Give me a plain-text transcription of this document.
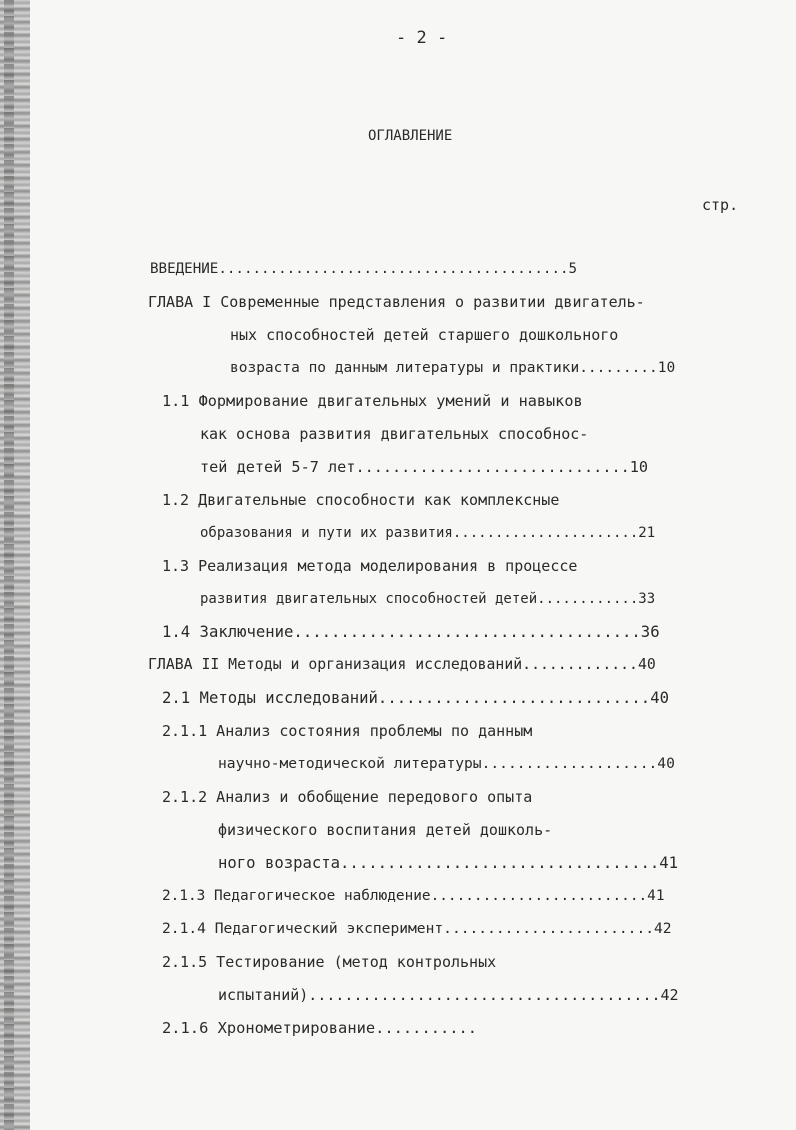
- 2 -
ОГЛАВЛЕНИЕ
стр.
ВВЕДЕНИЕ.........................................5
ГЛАВА I Современные представления о развитии двигатель-
ных способностей детей старшего дошкольного
возраста по данным литературы и практики.........10
1.1 Формирование двигательных умений и навыков
как основа развития двигательных способнос-
тей детей 5-7 лет..............................10
1.2 Двигательные способности как комплексные
образования и пути их развития......................21
1.3 Реализация метода моделирования в процессе
развития двигательных способностей детей............33
1.4 Заключение.....................................36
ГЛАВА II Методы и организация исследований.............40
2.1 Методы исследований.............................40
2.1.1 Анализ состояния проблемы по данным
научно-методической литературы....................40
2.1.2 Анализ и обобщение передового опыта
физического воспитания детей дошколь-
ного возраста..................................41
2.1.3 Педагогическое наблюдение.........................41
2.1.4 Педагогический эксперимент........................42
2.1.5 Тестирование (метод контрольных
испытаний).......................................42
2.1.6 Хронометрирование...........
